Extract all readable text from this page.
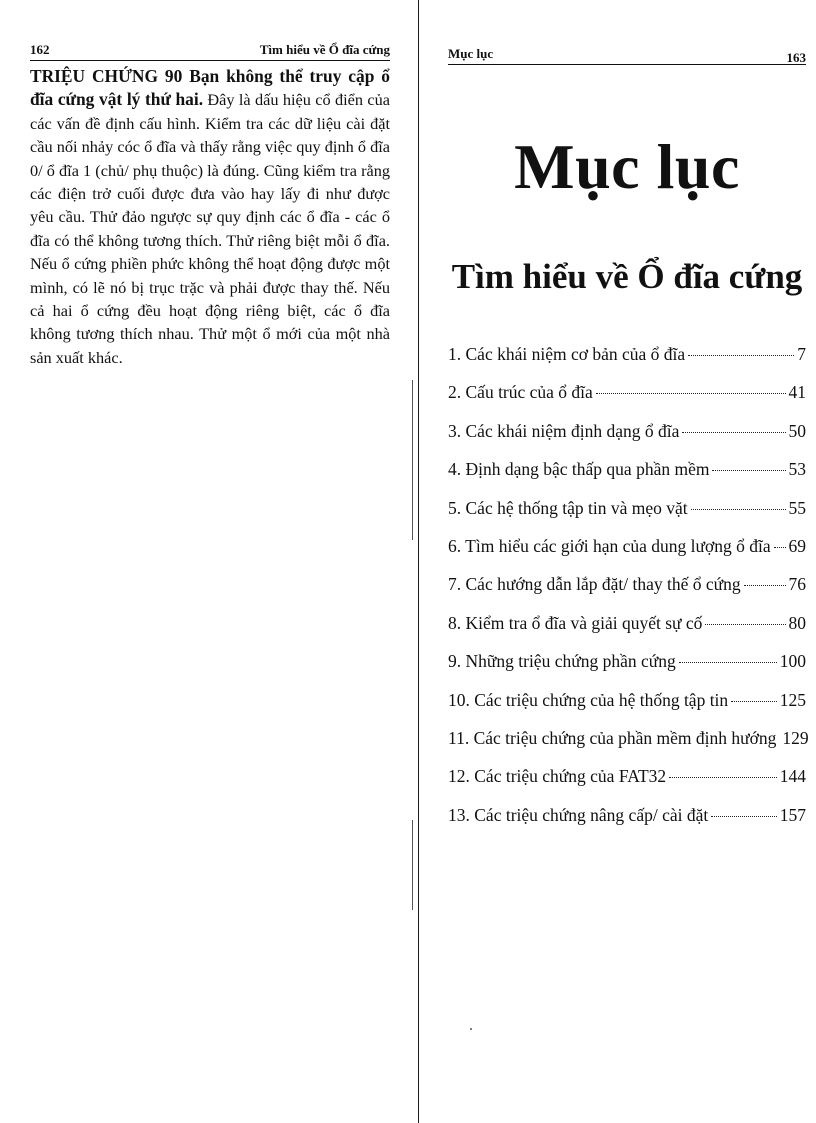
162	Tìm hiểu về Ổ đĩa cứng

TRIỆU CHỨNG 90 Bạn không thể truy cập ổ đĩa cứng vật lý thứ hai. Đây là dấu hiệu cổ điển của các vấn đề định cấu hình. Kiểm tra các dữ liệu cài đặt cầu nối nhảy cóc ổ đĩa và thấy rằng việc quy định ổ đĩa 0/ ổ đĩa 1 (chủ/ phụ thuộc) là đúng. Cũng kiểm tra rằng các điện trở cuối được đưa vào hay lấy đi như được yêu cầu. Thử đảo ngược sự quy định các ổ đĩa - các ổ đĩa có thể không tương thích. Thử riêng biệt mỗi ổ đĩa. Nếu ổ cứng phiền phức không thể hoạt động được một mình, có lẽ nó bị trục trặc và phải được thay thế. Nếu cả hai ổ cứng đều hoạt động riêng biệt, các ổ đĩa không tương thích nhau. Thử một ổ mới của một nhà sản xuất khác.

Mục lục	163
Mục lục
Tìm hiểu về Ổ đĩa cứng
1. Các khái niệm cơ bản của ổ đĩa	7
2. Cấu trúc của ổ đĩa	41
3. Các khái niệm định dạng ổ đĩa	50
4. Định dạng bậc thấp qua phần mềm	53
5. Các hệ thống tập tin và mẹo vặt	55
6. Tìm hiểu các giới hạn của dung lượng ổ đĩa 69
7. Các hướng dẫn lắp đặt/ thay thế ổ cứng	76
8. Kiểm tra ổ đĩa và giải quyết sự cố	80
9. Những triệu chứng phần cứng	100
10. Các triệu chứng của hệ thống tập tin	125
11. Các triệu chứng của phần mềm định hướng 129
12. Các triệu chứng của FAT32	144
13. Các triệu chứng nâng cấp/ cài đặt	157
